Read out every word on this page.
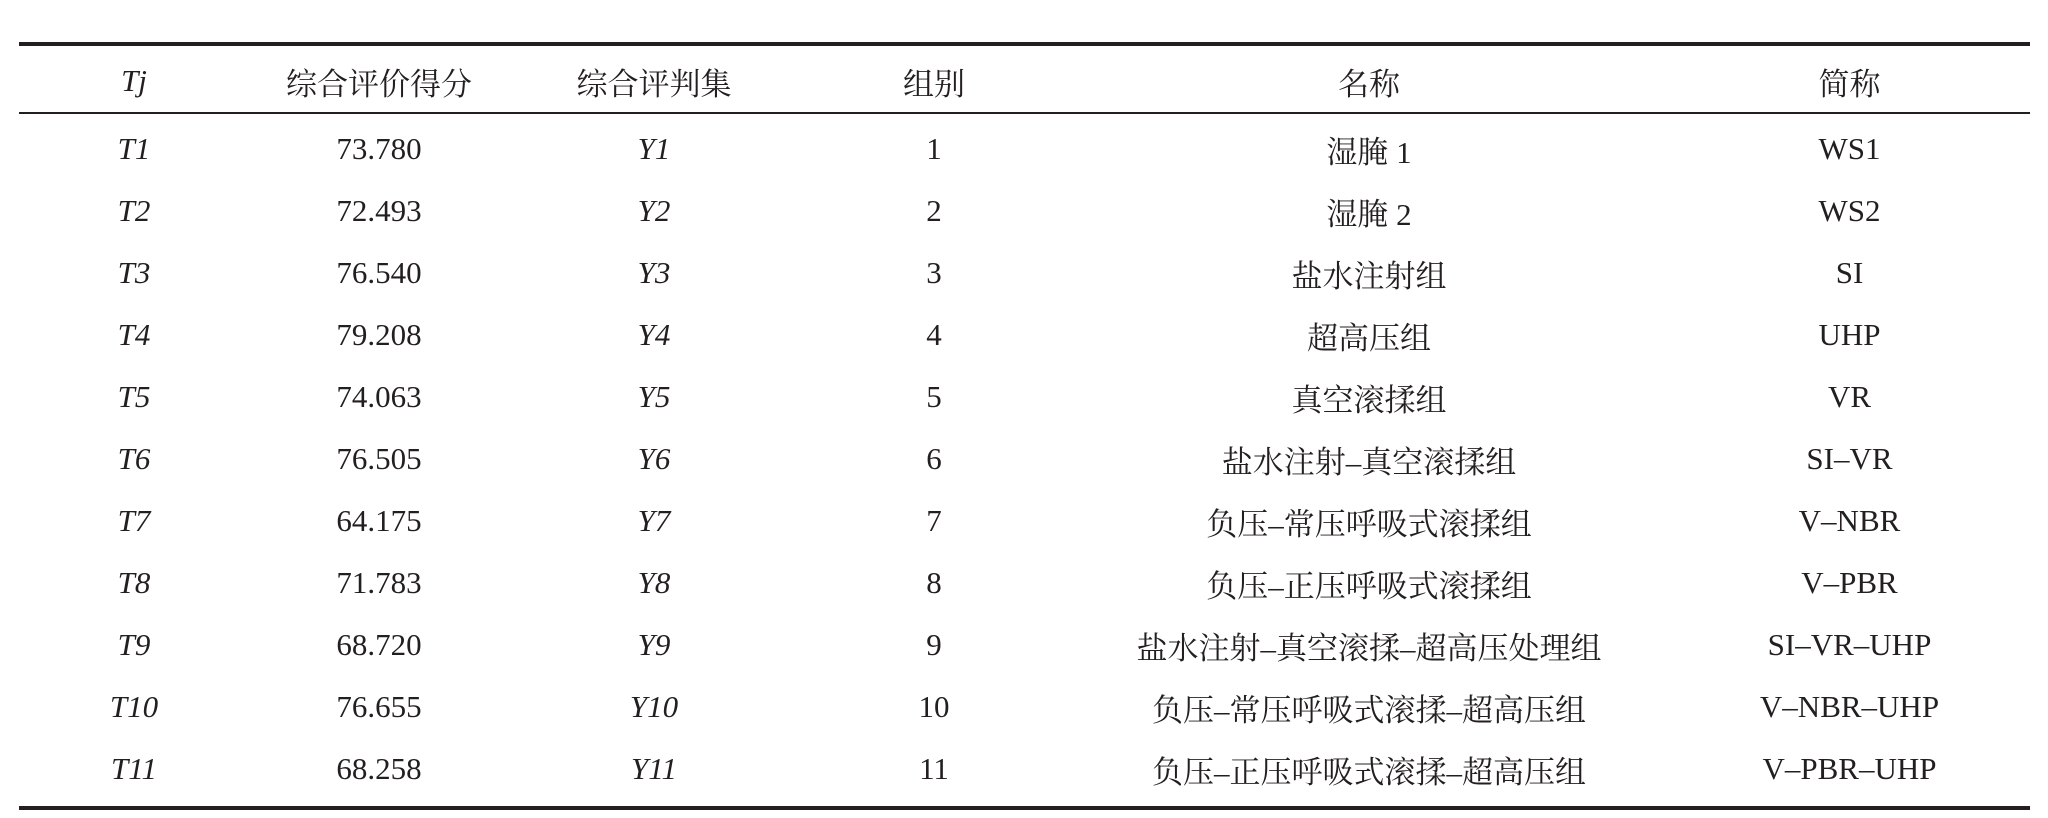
Tj	综合评价得分	综合评判集	组别	名称	简称
T1	73.780	Y1	1	湿腌 1	WS1
T2	72.493	Y2	2	湿腌 2	WS2
T3	76.540	Y3	3	盐水注射组	SI
T4	79.208	Y4	4	超高压组	UHP
T5	74.063	Y5	5	真空滚揉组	VR
T6	76.505	Y6	6	盐水注射–真空滚揉组	SI–VR
T7	64.175	Y7	7	负压–常压呼吸式滚揉组	V–NBR
T8	71.783	Y8	8	负压–正压呼吸式滚揉组	V–PBR
T9	68.720	Y9	9	盐水注射–真空滚揉–超高压处理组	SI–VR–UHP
T10	76.655	Y10	10	负压–常压呼吸式滚揉–超高压组	V–NBR–UHP
T11	68.258	Y11	11	负压–正压呼吸式滚揉–超高压组	V–PBR–UHP
